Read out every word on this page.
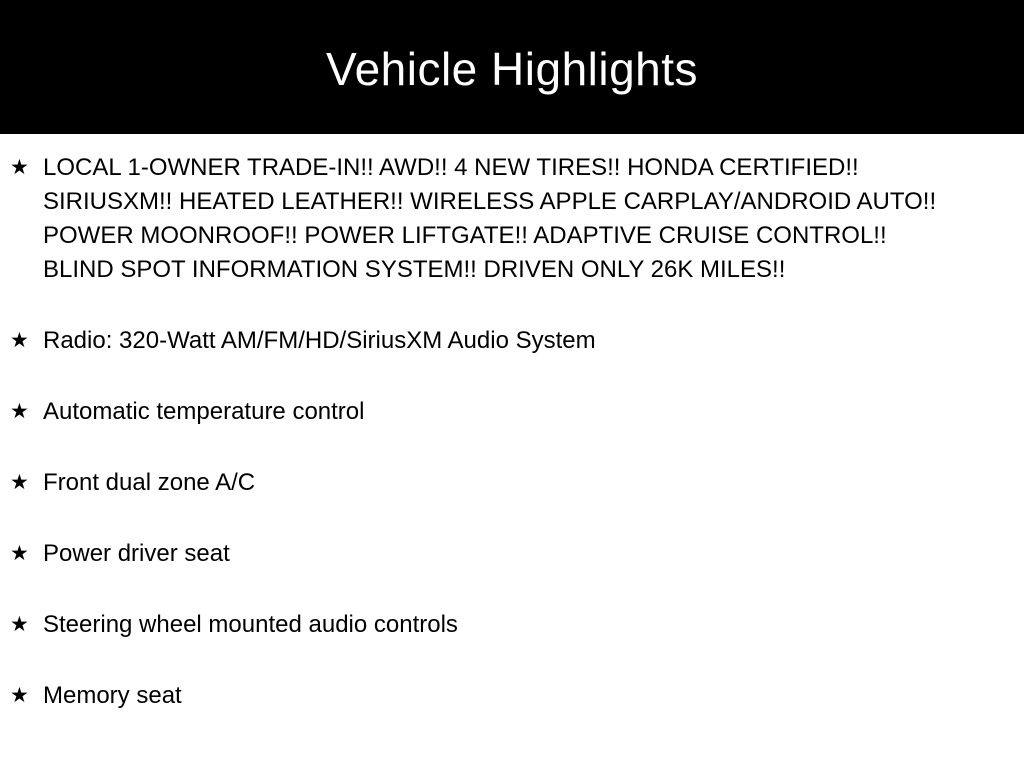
Vehicle Highlights
★ LOCAL 1-OWNER TRADE-IN!! AWD!! 4 NEW TIRES!! HONDA CERTIFIED!! SIRIUSXM!! HEATED LEATHER!! WIRELESS APPLE CARPLAY/ANDROID AUTO!! POWER MOONROOF!! POWER LIFTGATE!! ADAPTIVE CRUISE CONTROL!! BLIND SPOT INFORMATION SYSTEM!! DRIVEN ONLY 26K MILES!!
★ Radio: 320-Watt AM/FM/HD/SiriusXM Audio System
★ Automatic temperature control
★ Front dual zone A/C
★ Power driver seat
★ Steering wheel mounted audio controls
★ Memory seat
